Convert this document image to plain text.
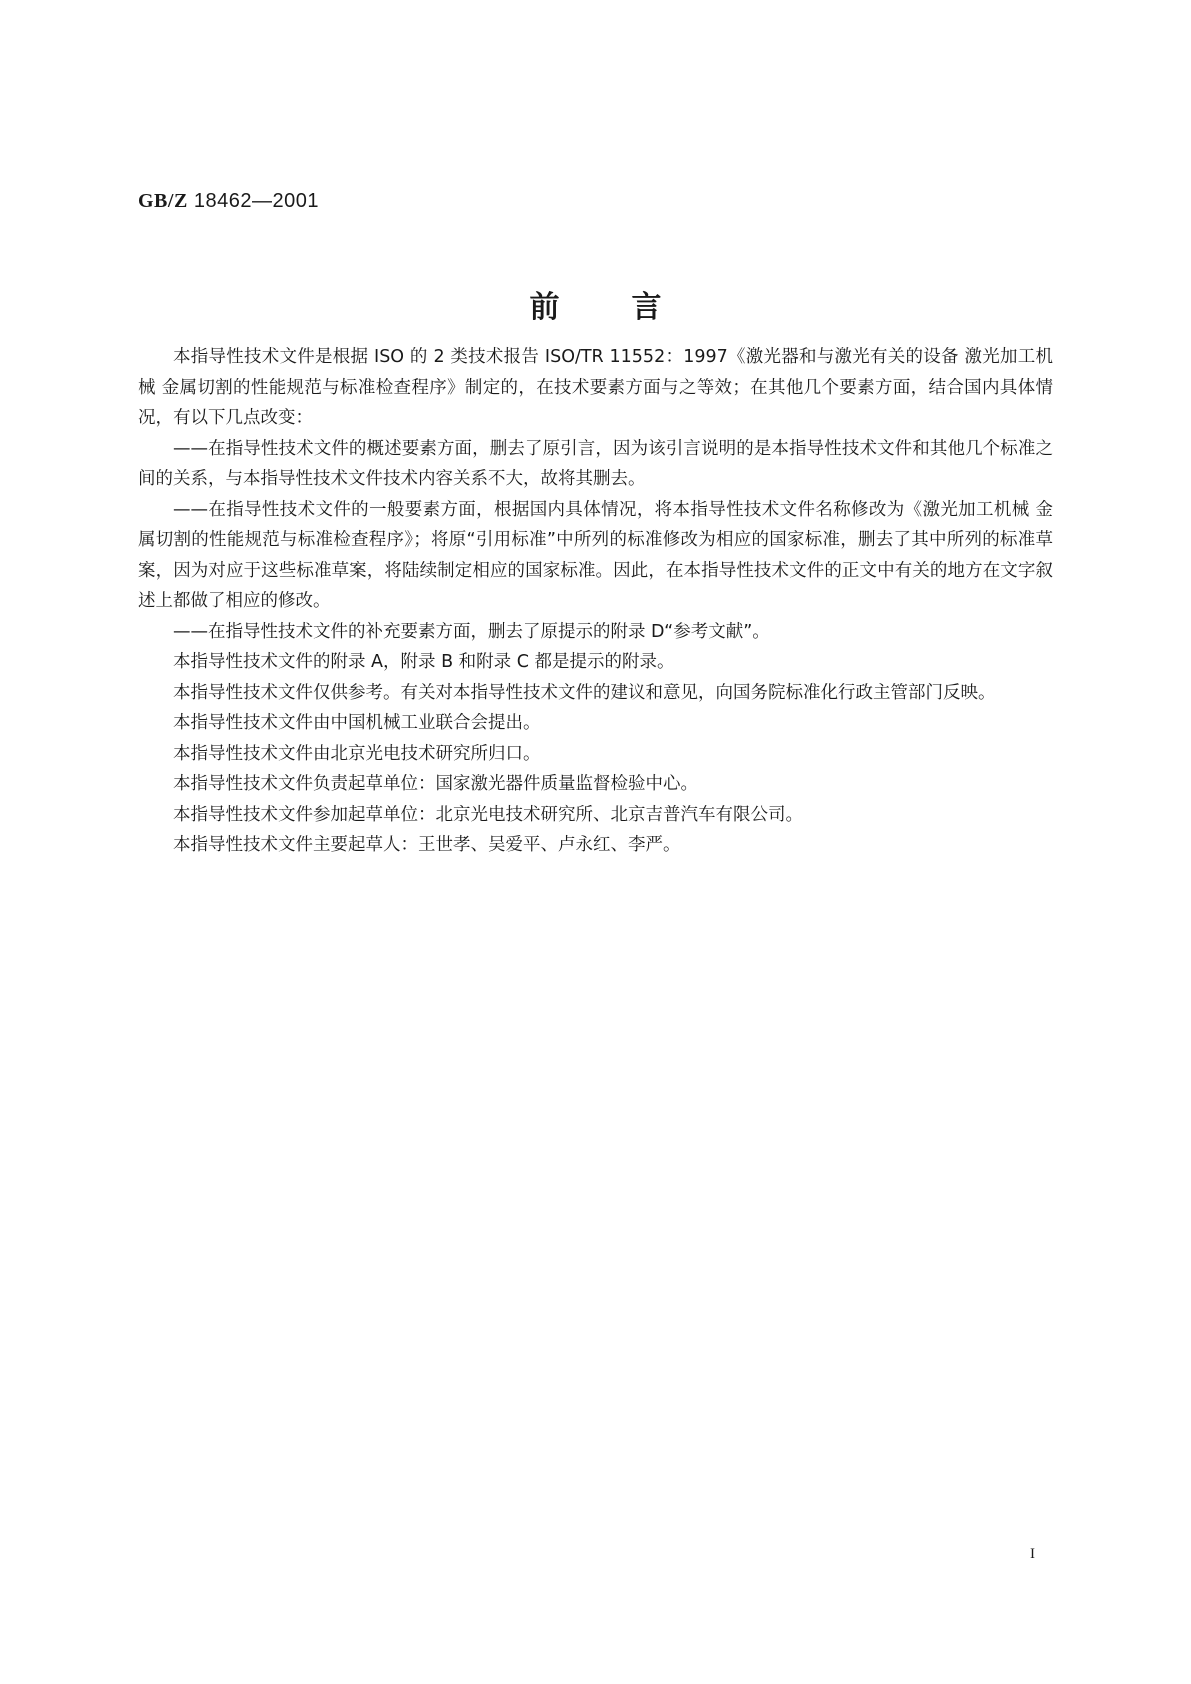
GB/Z 18462—2001
前言

本指导性技术文件是根据 ISO 的 2 类技术报告 ISO/TR 11552：1997《激光器和与激光有关的设备 激光加工机械 金属切割的性能规范与标准检查程序》制定的，在技术要素方面与之等效；在其他几个要素方面，结合国内具体情况，有以下几点改变：

——在指导性技术文件的概述要素方面，删去了原引言，因为该引言说明的是本指导性技术文件和其他几个标准之间的关系，与本指导性技术文件技术内容关系不大，故将其删去。

——在指导性技术文件的一般要素方面，根据国内具体情况，将本指导性技术文件名称修改为《激光加工机械 金属切割的性能规范与标准检查程序》；将原“引用标准”中所列的标准修改为相应的国家标准，删去了其中所列的标准草案，因为对应于这些标准草案，将陆续制定相应的国家标准。因此，在本指导性技术文件的正文中有关的地方在文字叙述上都做了相应的修改。

——在指导性技术文件的补充要素方面，删去了原提示的附录 D“参考文献”。

本指导性技术文件的附录 A，附录 B 和附录 C 都是提示的附录。

本指导性技术文件仅供参考。有关对本指导性技术文件的建议和意见，向国务院标准化行政主管部门反映。

本指导性技术文件由中国机械工业联合会提出。

本指导性技术文件由北京光电技术研究所归口。

本指导性技术文件负责起草单位：国家激光器件质量监督检验中心。

本指导性技术文件参加起草单位：北京光电技术研究所、北京吉普汽车有限公司。

本指导性技术文件主要起草人：王世孝、吴爱平、卢永红、李严。

I
